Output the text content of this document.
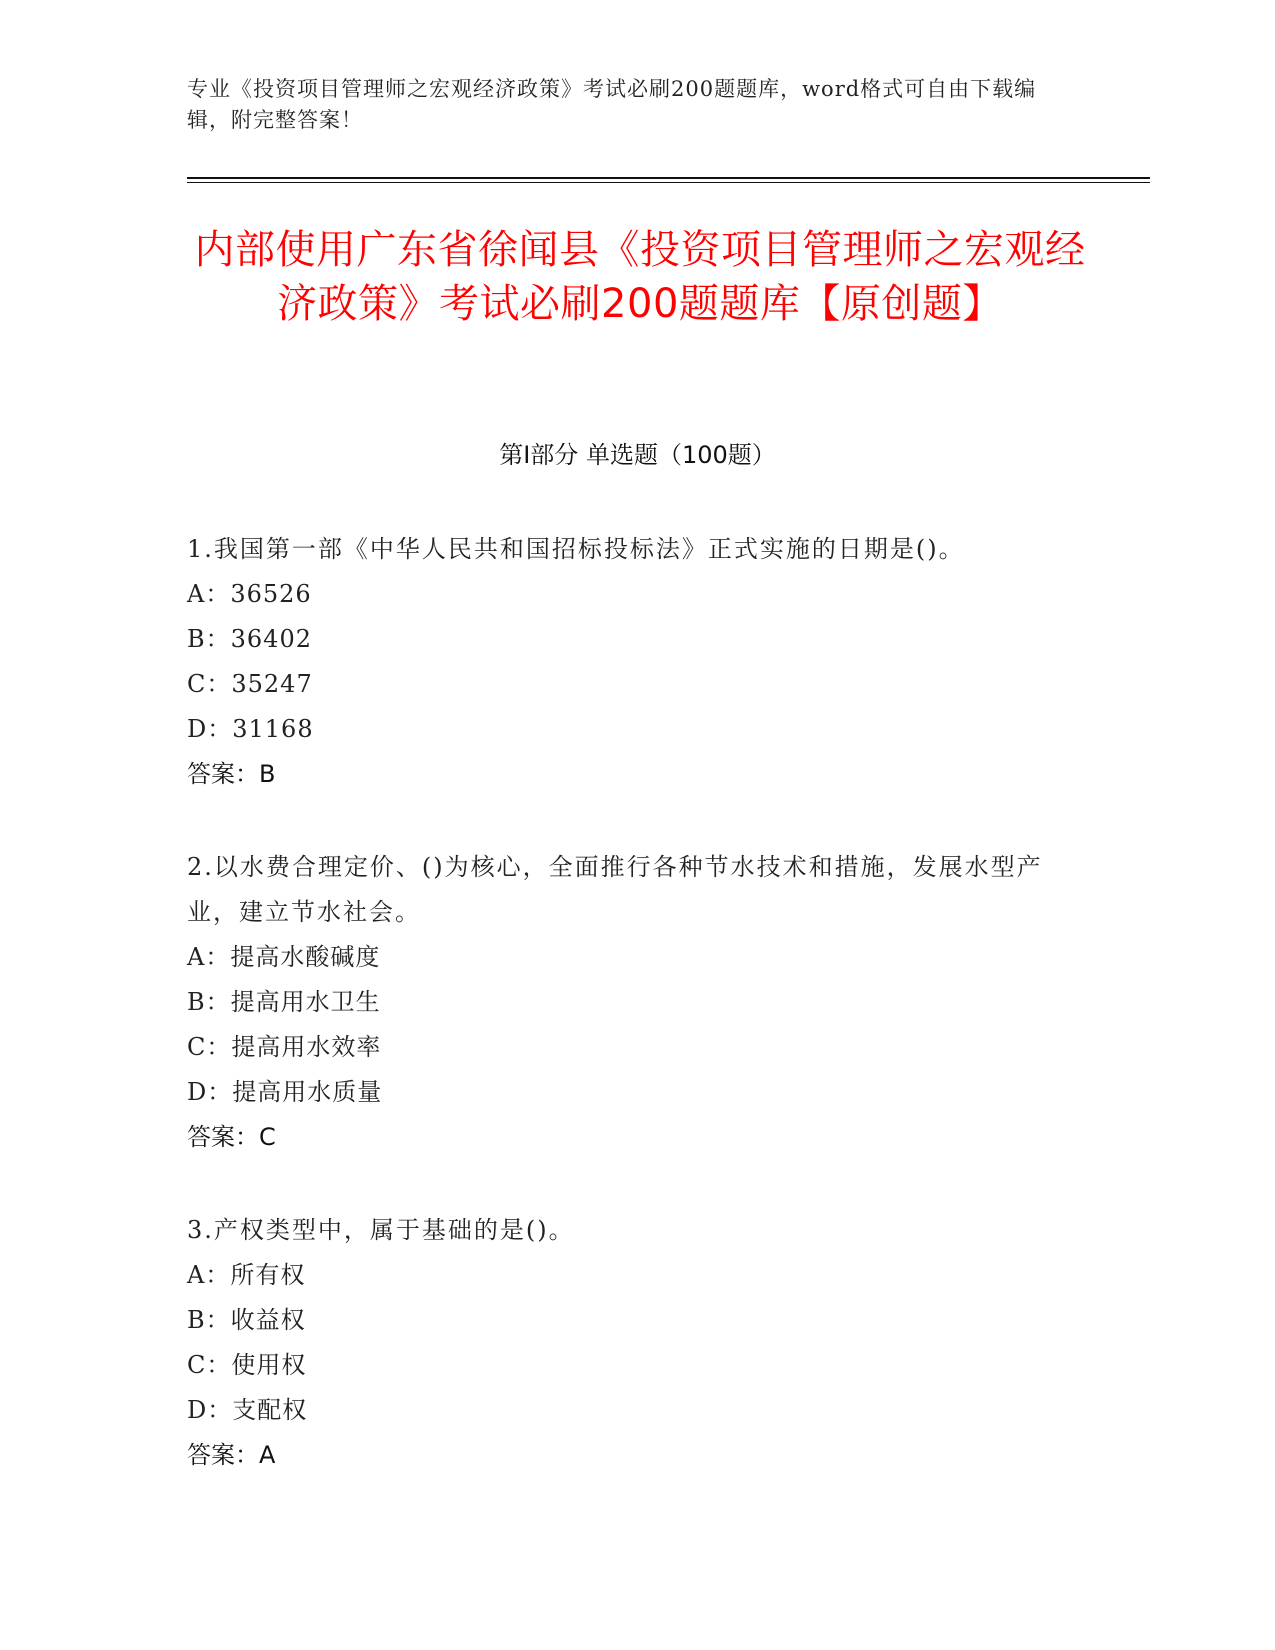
专业《投资项目管理师之宏观经济政策》考试必刷200题题库，word格式可自由下载编辑，附完整答案！
内部使用广东省徐闻县《投资项目管理师之宏观经济政策》考试必刷200题题库【原创题】
第Ⅰ部分 单选题（100题）
1.我国第一部《中华人民共和国招标投标法》正式实施的日期是()。
A：36526
B：36402
C：35247
D：31168
答案：B
2.以水费合理定价、()为核心，全面推行各种节水技术和措施，发展水型产业，建立节水社会。
A：提高水酸碱度
B：提高用水卫生
C：提高用水效率
D：提高用水质量
答案：C
3.产权类型中，属于基础的是()。
A：所有权
B：收益权
C：使用权
D：支配权
答案：A
